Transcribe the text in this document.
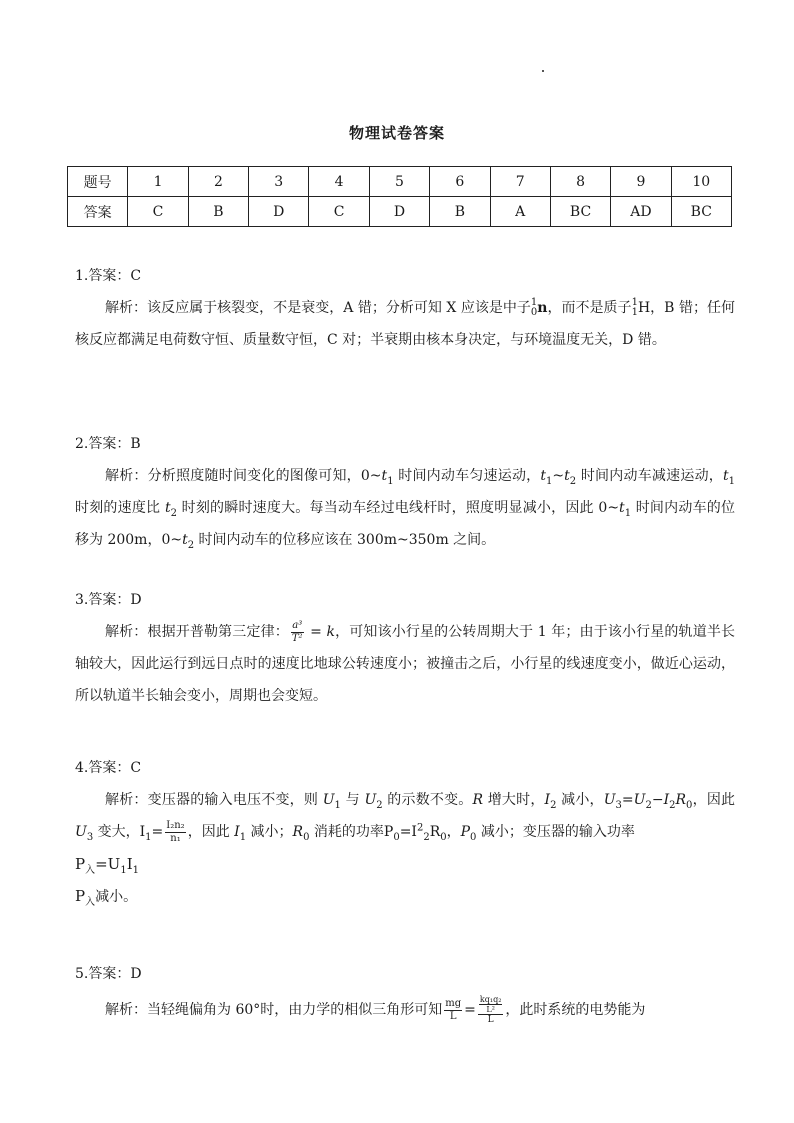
物理试卷答案
题号	1	2	3	4	5	6	7	8	9	10
答案	C	B	D	C	D	B	A	BC	AD	BC

1.答案：C

解析：该反应属于核裂变，不是衰变，A 错；分析可知 X 应该是中子 1
0 n，而不是质子 1
1 H，B 错；任何核反应都满足电荷数守恒、质量数守恒，C 对；半衰期由核本身决定，与环境温度无关，D 错。

2.答案：B

解析：分析照度随时间变化的图像可知，$0\sim t_1$ 时间内动车匀速运动，$t_1\sim t_2$ 时间内动车减速运动，$t_1$ 时刻的速度比 $t_2$ 时刻的瞬时速度大。每当动车经过电线杆时，照度明显减小，因此 $0\sim t_1$ 时间内动车的位移为 200m，$0\sim t_2$ 时间内动车的位移应该在 300m~350m 之间。

3.答案：D

解析：根据开普勒第三定律： $\frac{\text{a³}}{\text{T²}} = k$，可知该小行星的公转周期大于 1 年；由于该小行星的轨道半长轴较大，因此运行到远日点时的速度比地球公转速度小；被撞击之后，小行星的线速度变小，做近心运动，所以轨道半长轴会变小，周期也会变短。

4.答案：C

解析：变压器的输入电压不变，则 $U_1$ 与 $U_2$ 的示数不变。R 增大时，$I_2$ 减小，$U_3=U_2-I_2R_0$，因此 $U_3$ 变大，$I_1= \frac{\text{I₂n₂}}{\text{n₁}}$ ，因此 $I_1$ 减小；$R_0$ 消耗的功率$P_0=I^2_2R_0$，$P_0$ 减小；变压器的输入功率

$P_入=U_1I_1$

$P_入$减小。

5.答案：D

解析：当轻绳偏角为 60°时，由力学的相似三角形可知 $\frac{mg}{L} = \frac{\frac{\text{kq₁q₂}}{\text{L²}}}{L}$ ，此时系统的电势能为
